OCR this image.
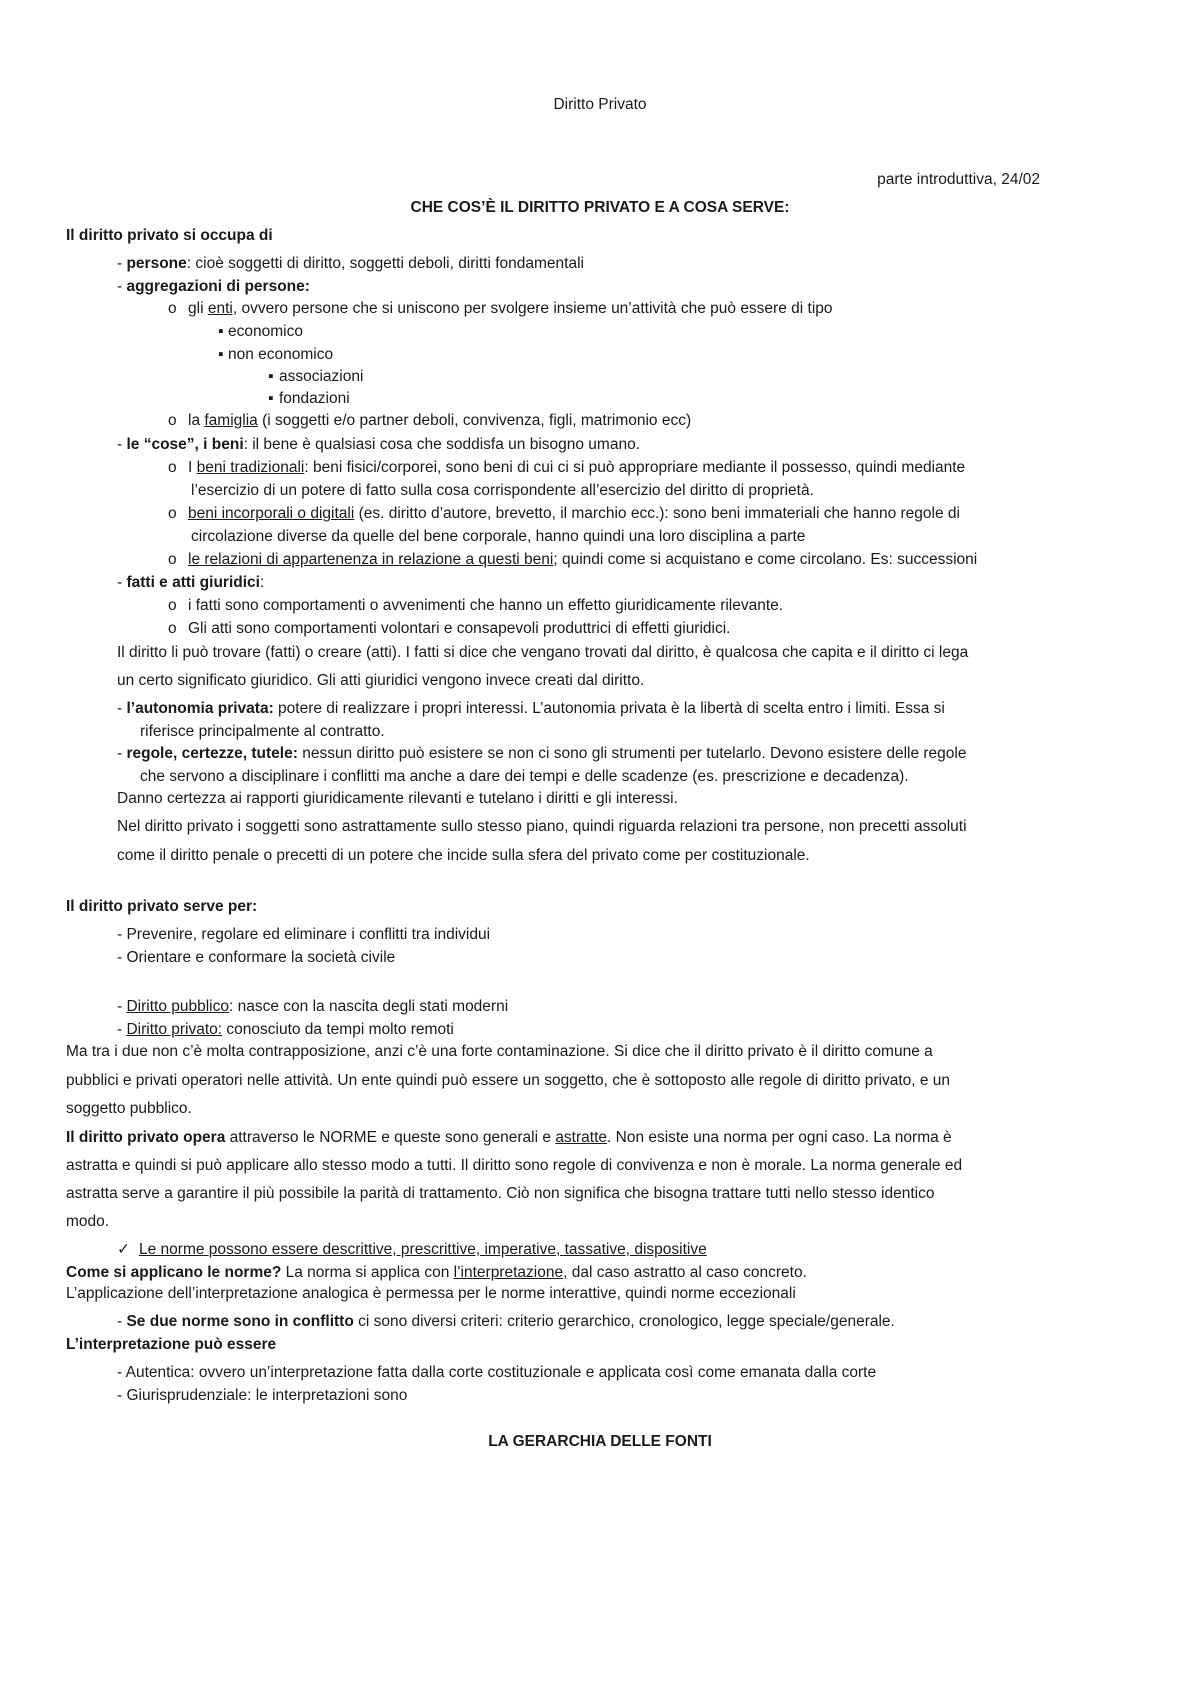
Diritto Privato
parte introduttiva, 24/02
CHE COS’È IL DIRITTO PRIVATO E A COSA SERVE:
Il diritto privato si occupa di
- persone: cioè soggetti di diritto, soggetti deboli, diritti fondamentali
- aggregazioni di persone:
o gli enti, ovvero persone che si uniscono per svolgere insieme un’attività che può essere di tipo
▪ economico
▪ non economico
▪ associazioni
▪ fondazioni
o la famiglia (i soggetti e/o partner deboli, convivenza, figli, matrimonio ecc)
- le “cose”, i beni: il bene è qualsiasi cosa che soddisfa un bisogno umano.
o I beni tradizionali: beni fisici/corporei, sono beni di cui ci si può appropriare mediante il possesso, quindi mediante
l’esercizio di un potere di fatto sulla cosa corrispondente all’esercizio del diritto di proprietà.
o beni incorporali o digitali (es. diritto d’autore, brevetto, il marchio ecc.): sono beni immateriali che hanno regole di
circolazione diverse da quelle del bene corporale, hanno quindi una loro disciplina a parte
o le relazioni di appartenenza in relazione a questi beni; quindi come si acquistano e come circolano. Es: successioni
- fatti e atti giuridici:
o i fatti sono comportamenti o avvenimenti che hanno un effetto giuridicamente rilevante.
o Gli atti sono comportamenti volontari e consapevoli produttrici di effetti giuridici.
Il diritto li può trovare (fatti) o creare (atti). I fatti si dice che vengano trovati dal diritto, è qualcosa che capita e il diritto ci lega
un certo significato giuridico. Gli atti giuridici vengono invece creati dal diritto.
- l’autonomia privata: potere di realizzare i propri interessi. L’autonomia privata è la libertà di scelta entro i limiti. Essa si
riferisce principalmente al contratto.
- regole, certezze, tutele: nessun diritto può esistere se non ci sono gli strumenti per tutelarlo. Devono esistere delle regole
che servono a disciplinare i conflitti ma anche a dare dei tempi e delle scadenze (es. prescrizione e decadenza).
Danno certezza ai rapporti giuridicamente rilevanti e tutelano i diritti e gli interessi.
Nel diritto privato i soggetti sono astrattamente sullo stesso piano, quindi riguarda relazioni tra persone, non precetti assoluti
come il diritto penale o precetti di un potere che incide sulla sfera del privato come per costituzionale.
Il diritto privato serve per:
- Prevenire, regolare ed eliminare i conflitti tra individui
- Orientare e conformare la società civile
- Diritto pubblico: nasce con la nascita degli stati moderni
- Diritto privato: conosciuto da tempi molto remoti
Ma tra i due non c’è molta contrapposizione, anzi c’è una forte contaminazione. Si dice che il diritto privato è il diritto comune a
pubblici e privati operatori nelle attività. Un ente quindi può essere un soggetto, che è sottoposto alle regole di diritto privato, e un
soggetto pubblico.
Il diritto privato opera attraverso le NORME e queste sono generali e astratte. Non esiste una norma per ogni caso. La norma è
astratta e quindi si può applicare allo stesso modo a tutti. Il diritto sono regole di convivenza e non è morale. La norma generale ed
astratta serve a garantire il più possibile la parità di trattamento. Ciò non significa che bisogna trattare tutti nello stesso identico
modo.
✓ Le norme possono essere descrittive, prescrittive, imperative, tassative, dispositive
Come si applicano le norme? La norma si applica con l’interpretazione, dal caso astratto al caso concreto.
L’applicazione dell’interpretazione analogica è permessa per le norme interattive, quindi norme eccezionali
- Se due norme sono in conflitto ci sono diversi criteri: criterio gerarchico, cronologico, legge speciale/generale.
L’interpretazione può essere
- Autentica: ovvero un’interpretazione fatta dalla corte costituzionale e applicata così come emanata dalla corte
- Giurisprudenziale: le interpretazioni sono
LA GERARCHIA DELLE FONTI
